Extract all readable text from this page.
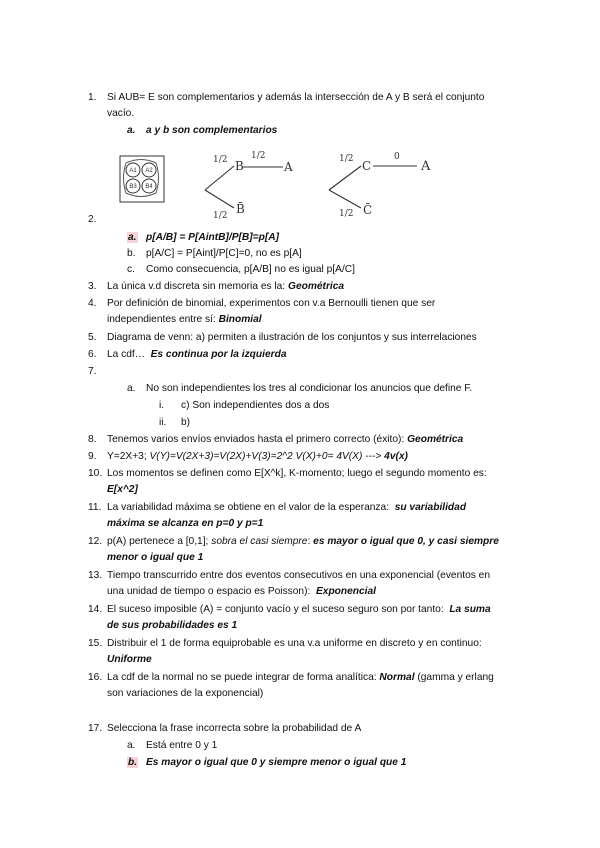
1. Si AUB= E son complementarios y además la intersección de A y B será el conjunto
vacío.
a. a y b son complementarios
A1 A2
B3 B4
1/2	1/2
B	A
1/2 B̄
1/2	0
C	A
1/2 C̄
2.
a. p[A/B] = P[AintB]/P[B]=p[A]
b. p[A/C] = P[Aint]/P[C]=0, no es p[A]
c. Como consecuencia, p[A/B] no es igual p[A/C]
3. La única v.d discreta sin memoria es la: Geométrica
4. Por definición de binomial, experimentos con v.a Bernoulli tienen que ser
independientes entre sí: Binomial
5. Diagrama de venn: a) permiten a ilustración de los conjuntos y sus interrelaciones
6. La cdf… Es continua por la izquierda
7.
a. No son independientes los tres al condicionar los anuncios que define F.
i. c) Son independientes dos a dos
ii. b)
8. Tenemos varios envíos enviados hasta el primero correcto (éxito): Geométrica
9. Y=2X+3; V(Y)=V(2X+3)=V(2X)+V(3)=2^2 V(X)+0= 4V(X) ---> 4v(x)
10. Los momentos se definen como E[X^k], K-momento; luego el segundo momento es:
E[x^2]
11. La variabilidad máxima se obtiene en el valor de la esperanza: su variabilidad
máxima se alcanza en p=0 y p=1
12. p(A) pertenece a [0,1]; sobra el casi siempre: es mayor o igual que 0, y casi siempre
menor o igual que 1
13. Tiempo transcurrido entre dos eventos consecutivos en una exponencial (eventos en
una unidad de tiempo o espacio es Poisson): Exponencial
14. El suceso imposible (A) = conjunto vacío y el suceso seguro son por tanto: La suma
de sus probabilidades es 1
15. Distribuir el 1 de forma equiprobable es una v.a uniforme en discreto y en continuo:
Uniforme
16. La cdf de la normal no se puede integrar de forma analítica: Normal (gamma y erlang
son variaciones de la exponencial)
17. Selecciona la frase incorrecta sobre la probabilidad de A
a. Está entre 0 y 1
b. Es mayor o igual que 0 y siempre menor o igual que 1
